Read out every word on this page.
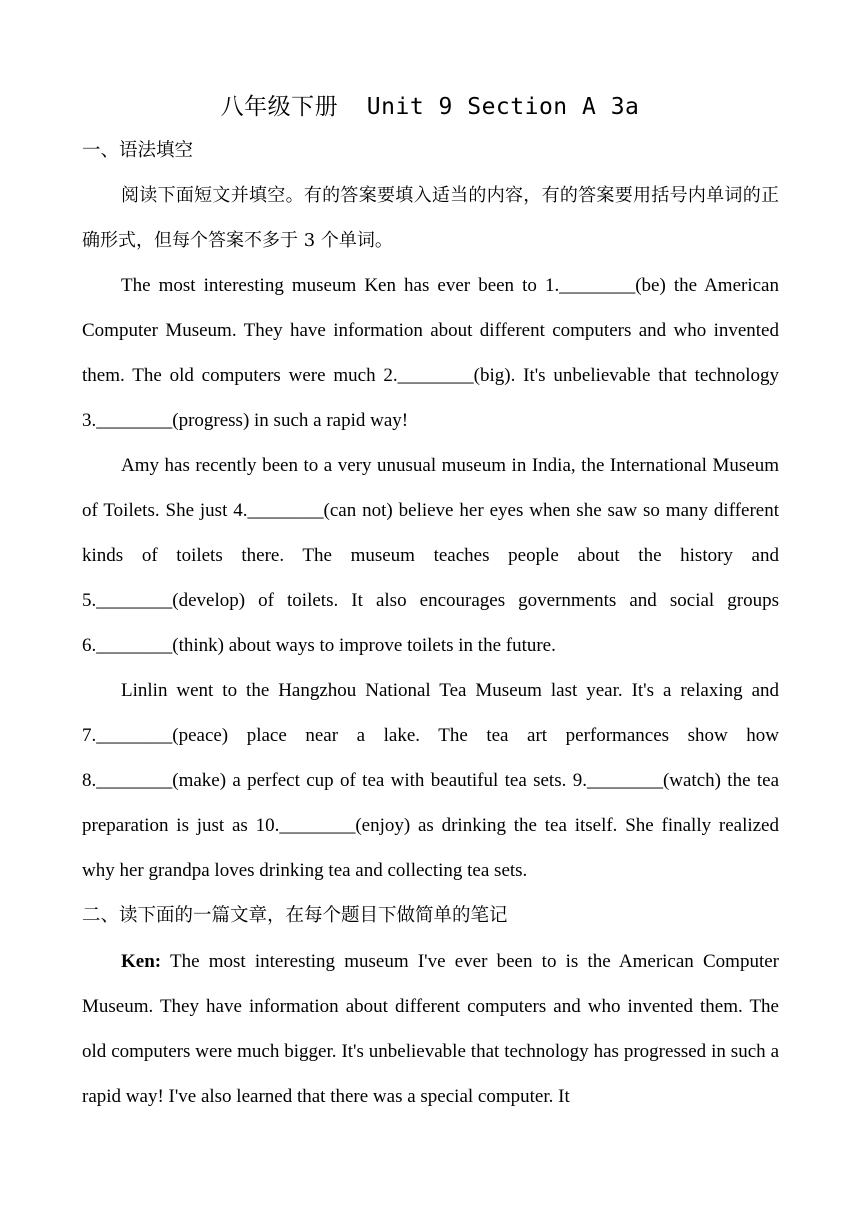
八年级下册  Unit 9 Section A 3a
一、语法填空

阅读下面短文并填空。有的答案要填入适当的内容，有的答案要用括号内单词的正确形式，但每个答案不多于 3 个单词。

The most interesting museum Ken has ever been to 1.________(be) the American Computer Museum. They have information about different computers and who invented them. The old computers were much 2.________(big). It's unbelievable that technology 3.________(progress) in such a rapid way!

Amy has recently been to a very unusual museum in India, the International Museum of Toilets. She just 4.________(can not) believe her eyes when she saw so many different kinds of toilets there. The museum teaches people about the history and 5.________(develop) of toilets. It also encourages governments and social groups 6.________(think) about ways to improve toilets in the future.

Linlin went to the Hangzhou National Tea Museum last year. It's a relaxing and 7.________(peace) place near a lake. The tea art performances show how 8.________(make) a perfect cup of tea with beautiful tea sets. 9.________(watch) the tea preparation is just as 10.________(enjoy) as drinking the tea itself. She finally realized why her grandpa loves drinking tea and collecting tea sets.

二、读下面的一篇文章，在每个题目下做简单的笔记

Ken: The most interesting museum I've ever been to is the American Computer Museum. They have information about different computers and who invented them. The old computers were much bigger. It's unbelievable that technology has progressed in such a rapid way! I've also learned that there was a special computer. It
